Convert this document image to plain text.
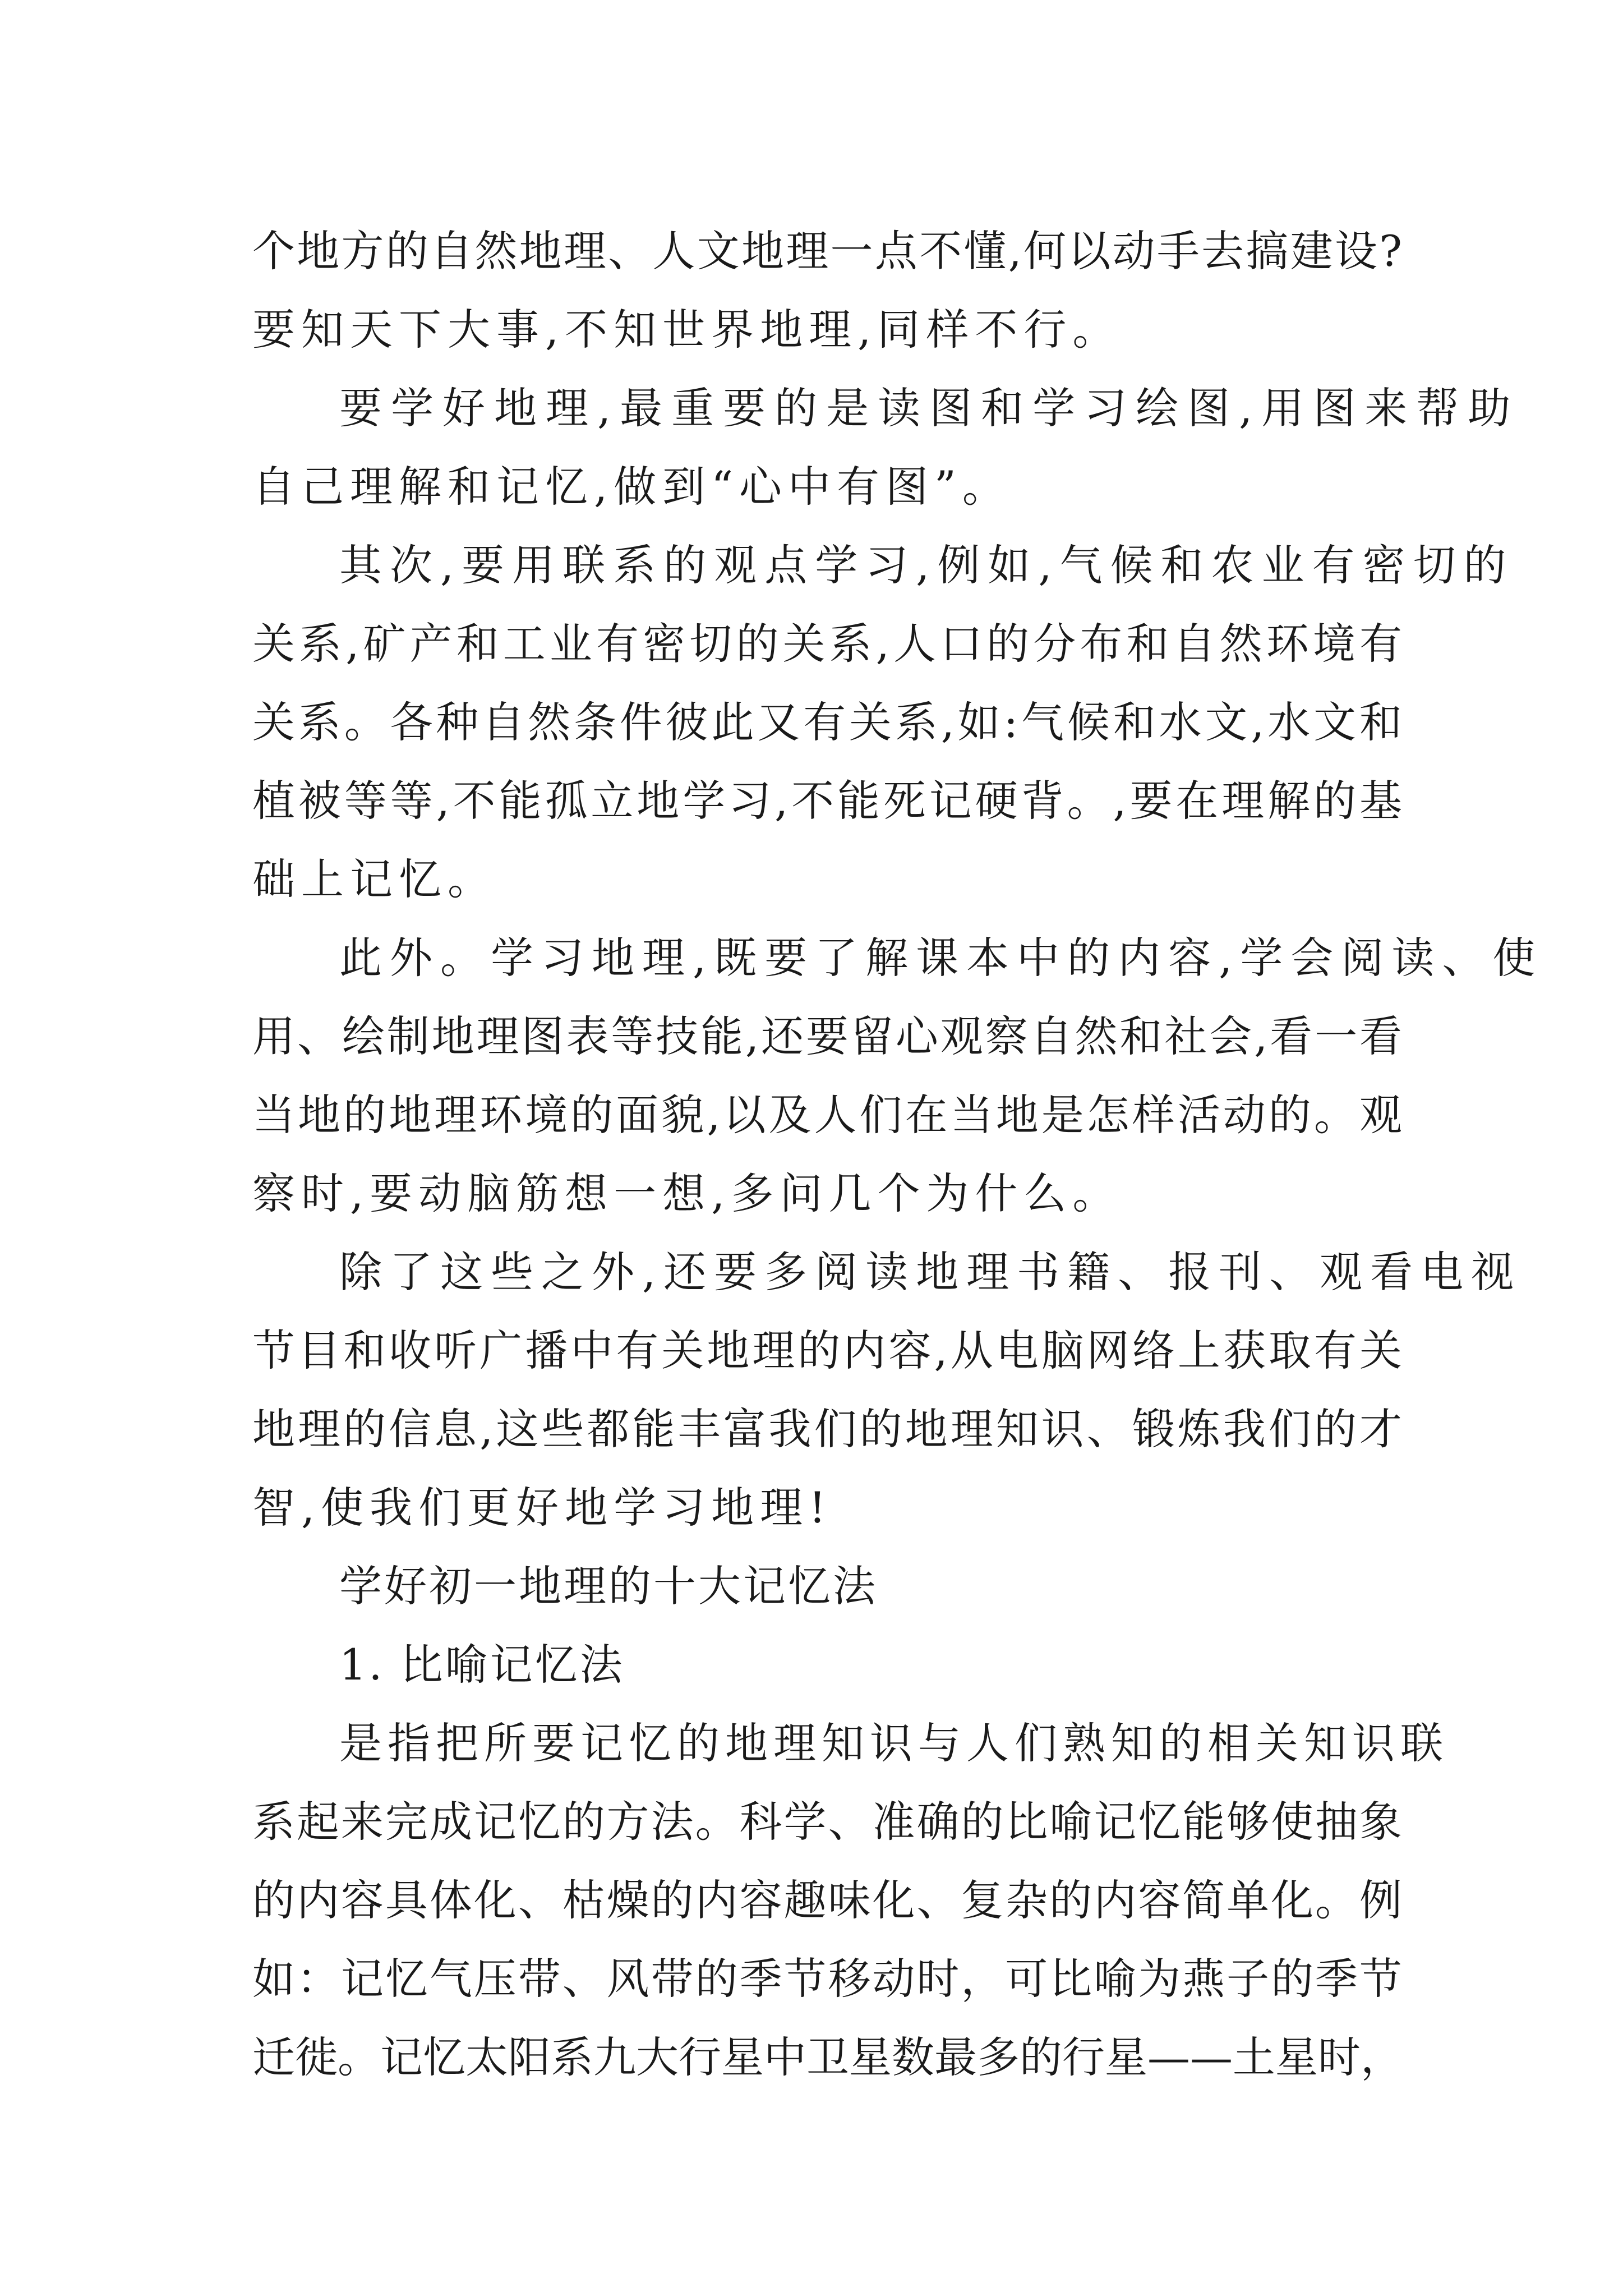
个地方的自然地理、人文地理一点不懂,何以动手去搞建设?
要知天下大事,不知世界地理,同样不行。
要学好地理,最重要的是读图和学习绘图,用图来帮助
自己理解和记忆,做到“心中有图”。
其次,要用联系的观点学习,例如,气候和农业有密切的
关系,矿产和工业有密切的关系,人口的分布和自然环境有
关系。各种自然条件彼此又有关系,如:气候和水文,水文和
植被等等,不能孤立地学习,不能死记硬背。,要在理解的基
础上记忆。
此外。学习地理,既要了解课本中的内容,学会阅读、使
用、绘制地理图表等技能,还要留心观察自然和社会,看一看
当地的地理环境的面貌,以及人们在当地是怎样活动的。观
察时,要动脑筋想一想,多问几个为什么。
除了这些之外,还要多阅读地理书籍、报刊、观看电视
节目和收听广播中有关地理的内容,从电脑网络上获取有关
地理的信息,这些都能丰富我们的地理知识、锻炼我们的才
智,使我们更好地学习地理!
学好初一地理的十大记忆法
1. 比喻记忆法
是指把所要记忆的地理知识与人们熟知的相关知识联
系起来完成记忆的方法。科学、准确的比喻记忆能够使抽象
的内容具体化、枯燥的内容趣味化、复杂的内容简单化。例
如：记忆气压带、风带的季节移动时，可比喻为燕子的季节
迁徙。记忆太阳系九大行星中卫星数最多的行星——土星时，
